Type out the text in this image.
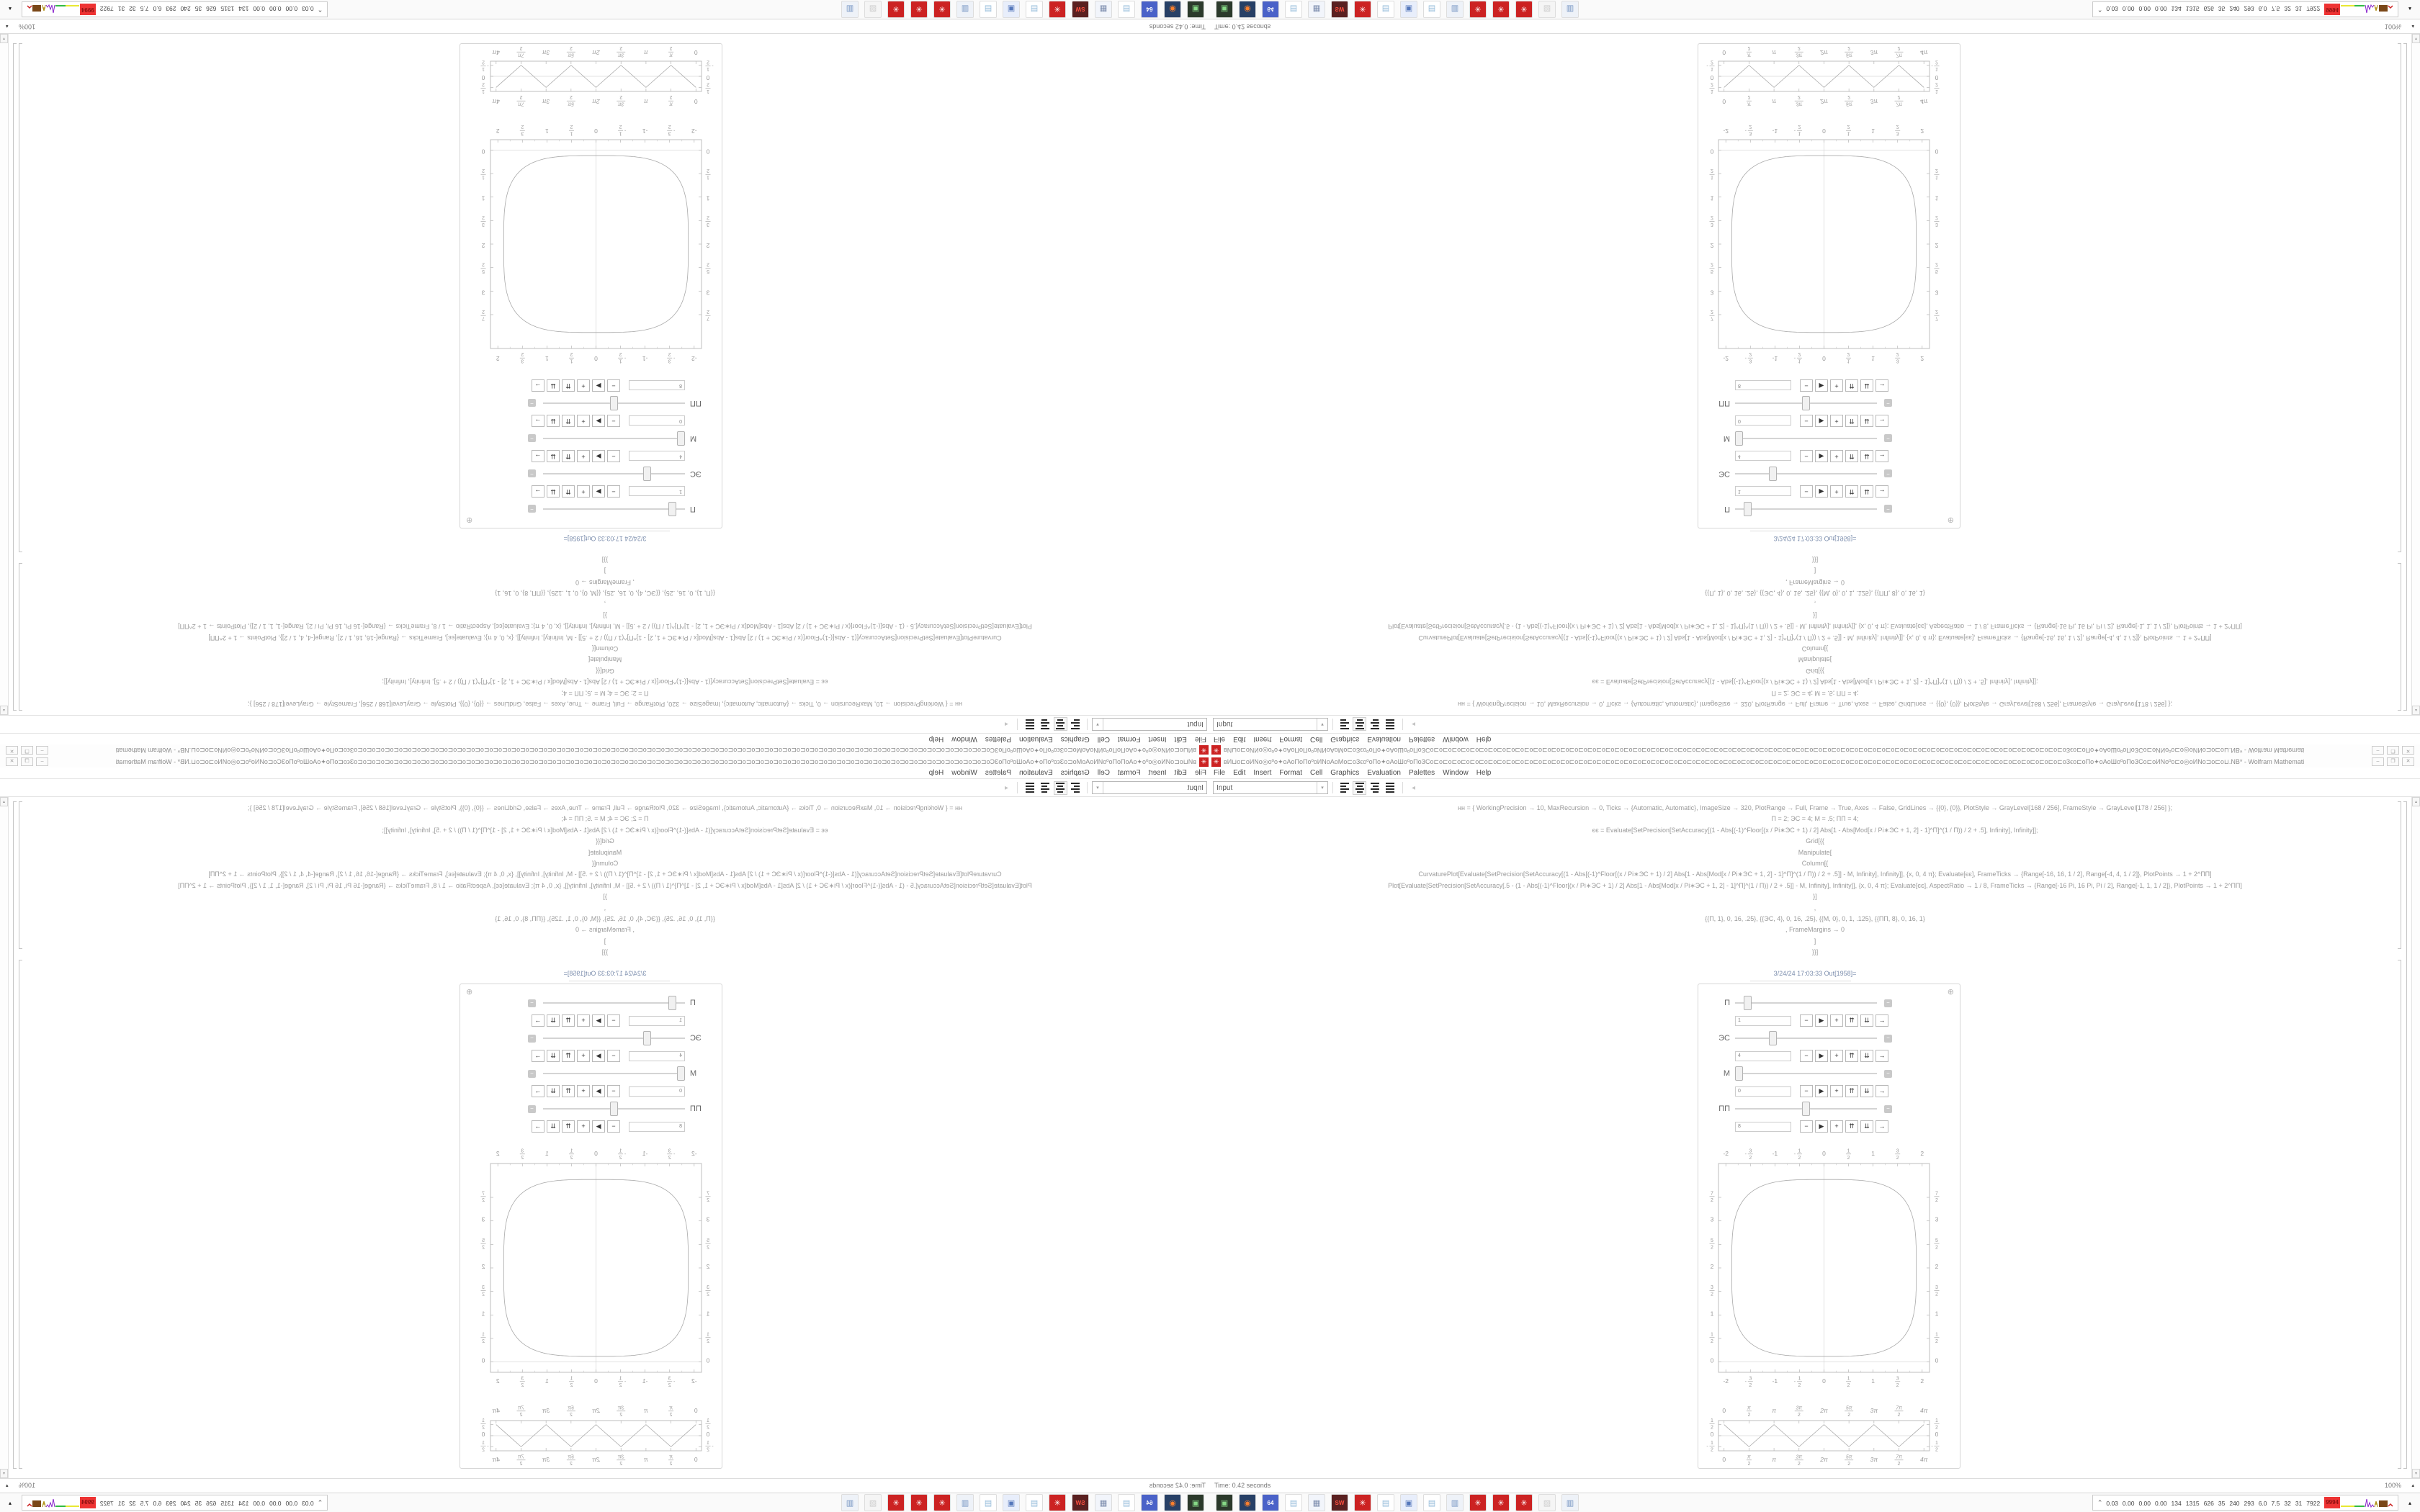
✳
вИ⊔о⊏оИNо◎оºо✦оАоПоПоºоИNоАоМо⊏оЗϵоºоПо✦оАоШоºоПоЗСо⊏о⊏о⊏о⊏о⊏о⊏о⊏о⊏о⊏о⊏о⊏о⊏о⊏о⊏о⊏о⊏о⊏о⊏о⊏о⊏о⊏о⊏о⊏о⊏о⊏о⊏о⊏о⊏о⊏о⊏о⊏о⊏о⊏о⊏о⊏о⊏о⊏о⊏о⊏о⊏о⊏о⊏о⊏о⊏о⊏о⊏о⊏о⊏о⊏о⊏о⊏о⊏о⊏о⊏о⊏о⊏о⊏о⊏о⊏о⊏о⊏о⊏о⊏о⊏о⊏о⊏о⊏о⊏о⊏о⊏оЗϵо⊏оПо✦оАоШоºоПоЗСо⊏оИNоºо⊏о◎оИNо⊐о⊏о⊔.NВ* - Wolfram Mathemati
–
❐
✕
File
Edit
Insert
Format
Cell
Graphics
Evaluation
Palettes
Window
Help
Input
▾
◂
нн = { WorkingPrecision → 10, MaxRecursion → 0, Ticks → {Automatic, Automatic}, ImageSize → 320, PlotRange → Full, Frame → True, Axes → False, GridLines → {{0}, {0}}, PlotStyle → GrayLevel[168 / 256], FrameStyle → GrayLevel[178 / 256] };
П = 2; ЭС = 4; М = .5; ПП = 4;
єє = Evaluate[SetPrecision[SetAccuracy[(1 - Abs[(-1)^Floor[(x / Pi∗ЭС + 1) / 2] Abs[1 - Abs[Mod[x / Pi∗ЭС + 1, 2] - 1]^П]^(1 / П)) / 2 + .5], Infinity], Infinity]];
Grid[{{
Manipulate[
Column[{
CurvaturePlot[Evaluate[SetPrecision[SetAccuracy[(1 - Abs[(-1)^Floor[(x / Pi∗ЭС + 1) / 2] Abs[1 - Abs[Mod[x / Pi∗ЭС + 1, 2] - 1]^П]^(1 / П)) / 2 + .5]] - М, Infinity], Infinity]], {x, 0, 4 π}; Evaluate[єє], FrameTicks → {Range[-16, 16, 1 / 2], Range[-4, 4, 1 / 2]}, PlotPoints → 1 + 2^ПП]
Plot[Evaluate[SetPrecision[SetAccuracy[.5 - (1 - Abs[(-1)^Floor[(x / Pi∗ЭС + 1) / 2] Abs[1 - Abs[Mod[x / Pi∗ЭС + 1, 2] - 1]^П]^(1 / П)) / 2 + .5]] - М, Infinity], Infinity]], {x, 0, 4 π}; Evaluate[єє], AspectRatio → 1 / 8, FrameTicks → {Range[-16 Pi, 16 Pi, Pi / 2], Range[-1, 1, 1 / 2]}, PlotPoints → 1 + 2^ПП]
}]
,
{{П, 1}, 0, 16, .25}, {{ЭС, 4}, 0, 16, .25}, {{М, 0}, 0, 1, .125}, {{ПП, 8}, 0, 16, 1}
, FrameMargins → 0
]
}}]
3/24/24 17:03:33 Out[1958]=
⊕
П
−
1
−
▶
+
⇈
⇊
→
ЭС
−
4
−
▶
+
⇈
⇊
→
М
−
0
−
▶
+
⇈
⇊
→
ПП
−
8
−
▶
+
⇈
⇊
→
-2
-2
3
2
-
3
2
-
-1
-1
1
2
-
1
2
-
0
0
1
2
1
2
1
1
3
2
3
2
2
2
0
0
1
2
1
2
1
1
3
2
3
2
2
2
5
2
5
2
3
3
7
2
7
2
0
0
π
2
π
2
π
π
3π
2
3π
2
2π
2π
5π
2
5π
2
3π
3π
7π
2
7π
2
4π
4π
1
2
1
2
0
0
1
2
-
1
2
-
▴
▾
Time: 0.42 seconds
100%
▴
▣
◉
64
▤
▦
SW
✳
▤
▣
▤
▥
✳
✳
✳
▨
▥
⌃
0.030.000.000.001341315626352402936.07.532317922
9994
▴
✳ вИ⊔о⊏оИNо◎оºо✦оАоПоПоºоИNоАоМо⊏оЗϵоºоПо✦оАоШоºоПоЗСо⊏о⊏о⊏о⊏о⊏о⊏о⊏о⊏о⊏о⊏о⊏о⊏о⊏о⊏о⊏о⊏о⊏о⊏о⊏о⊏о⊏о⊏о⊏о⊏о⊏о⊏о⊏о⊏о⊏о⊏о⊏о⊏о⊏о⊏о⊏о⊏о⊏о⊏о⊏о⊏о⊏о⊏о⊏о⊏о⊏о⊏о⊏о⊏о⊏о⊏о⊏о⊏о⊏о⊏о⊏о⊏о⊏о⊏о⊏о⊏о⊏о⊏о⊏о⊏о⊏о⊏о⊏о⊏о⊏о⊏оЗϵо⊏оПо✦оАоШоºоПоЗСо⊏оИNоºо⊏о◎оИNо⊐о⊏о⊔.NВ* - Wolfram Mathemati	–	❐	✕
File Edit Insert Format Cell Graphics Evaluation Palettes Window Help
Input	▾	◂
нн = { WorkingPrecision → 10, MaxRecursion → 0, Ticks → {Automatic, Automatic}, ImageSize → 320, PlotRange → Full, Frame → True, Axes → False, GridLines → {{0}, {0}}, PlotStyle → GrayLevel[168 / 256], FrameStyle → GrayLevel[178 / 256] };
П = 2; ЭС = 4; М = .5; ПП = 4;
єє = Evaluate[SetPrecision[SetAccuracy[(1 - Abs[(-1)^Floor[(x / Pi∗ЭС + 1) / 2] Abs[1 - Abs[Mod[x / Pi∗ЭС + 1, 2] - 1]^П]^(1 / П)) / 2 + .5], Infinity], Infinity]];
Grid[{{
Manipulate[
Column[{
CurvaturePlot[Evaluate[SetPrecision[SetAccuracy[(1 - Abs[(-1)^Floor[(x / Pi∗ЭС + 1) / 2] Abs[1 - Abs[Mod[x / Pi∗ЭС + 1, 2] - 1]^П]^(1 / П)) / 2 + .5]] - М, Infinity], Infinity]], {x, 0, 4 π}; Evaluate[єє], FrameTicks → {Range[-16, 16, 1 / 2], Range[-4, 4, 1 / 2]}, PlotPoints → 1 + 2^ПП]
Plot[Evaluate[SetPrecision[SetAccuracy[.5 - (1 - Abs[(-1)^Floor[(x / Pi∗ЭС + 1) / 2] Abs[1 - Abs[Mod[x / Pi∗ЭС + 1, 2] - 1]^П]^(1 / П)) / 2 + .5]] - М, Infinity], Infinity]], {x, 0, 4 π}; Evaluate[єє], AspectRatio → 1 / 8, FrameTicks → {Range[-16 Pi, 16 Pi, Pi / 2], Range[-1, 1, 1 / 2]}, PlotPoints → 1 + 2^ПП]
}]
,
{{П, 1}, 0, 16, .25}, {{ЭС, 4}, 0, 16, .25}, {{М, 0}, 0, 1, .125}, {{ПП, 8}, 0, 16, 1}
, FrameMargins → 0
]
}}]
3/24/24 17:03:33 Out[1958]=
⊕
П	−
1	−	▶	+	⇈	⇊	→
ЭС	−
4	−	▶	+	⇈	⇊	→
М	−
0	−	▶	+	⇈	⇊	→
ПП	−
8	−	▶	+	⇈	⇊	→
-2
-2
3
2
-
3
2
-
-1
-1
1
2
-
1
2
-
0
0
1
2
1
2
1
1
3
2
3
2
2
2
0	0
1
2
1
2
1	1
3
2
3
2
2	2
5
2
5
2
3	3
7
2
7
2
0
0
π
2
π
2
π
π
3π
2
3π
2
2π
2π
5π
2
5π
2
3π
3π
7π
2
7π
2
4π
4π
1
2
1
2
0	0
1
2
-
1
2
-
▴
▾
Time: 0.42 seconds	100% ▴
▣	◉	64	▤	▦	SW	✳	▤	▣	▤	▥	✳	✳	✳	▨	▥	⌃ 0.03 0.00 0.00 0.00 134 1315 626 35 240 293 6.0 7.5 32 31 7922	9994	▴
✳
вИ⊔о⊏оИNо◎оºо✦оАоПоПоºоИNоАоМо⊏оЗϵоºоПо✦оАоШоºоПоЗСо⊏о⊏о⊏о⊏о⊏о⊏о⊏о⊏о⊏о⊏о⊏о⊏о⊏о⊏о⊏о⊏о⊏о⊏о⊏о⊏о⊏о⊏о⊏о⊏о⊏о⊏о⊏о⊏о⊏о⊏о⊏о⊏о⊏о⊏о⊏о⊏о⊏о⊏о⊏о⊏о⊏о⊏о⊏о⊏о⊏о⊏о⊏о⊏о⊏о⊏о⊏о⊏о⊏о⊏о⊏о⊏о⊏о⊏о⊏о⊏о⊏о⊏о⊏о⊏о⊏о⊏о⊏о⊏о⊏о⊏оЗϵо⊏оПо✦оАоШоºоПоЗСо⊏оИNоºо⊏о◎оИNо⊐о⊏о⊔.NВ* - Wolfram Mathemati
–
❐
✕
File
Edit
Insert
Format
Cell
Graphics
Evaluation
Palettes
Window
Help
Input
▾
◂
нн = { WorkingPrecision → 10, MaxRecursion → 0, Ticks → {Automatic, Automatic}, ImageSize → 320, PlotRange → Full, Frame → True, Axes → False, GridLines → {{0}, {0}}, PlotStyle → GrayLevel[168 / 256], FrameStyle → GrayLevel[178 / 256] };
П = 2; ЭС = 4; М = .5; ПП = 4;
єє = Evaluate[SetPrecision[SetAccuracy[(1 - Abs[(-1)^Floor[(x / Pi∗ЭС + 1) / 2] Abs[1 - Abs[Mod[x / Pi∗ЭС + 1, 2] - 1]^П]^(1 / П)) / 2 + .5], Infinity], Infinity]];
Grid[{{
Manipulate[
Column[{
CurvaturePlot[Evaluate[SetPrecision[SetAccuracy[(1 - Abs[(-1)^Floor[(x / Pi∗ЭС + 1) / 2] Abs[1 - Abs[Mod[x / Pi∗ЭС + 1, 2] - 1]^П]^(1 / П)) / 2 + .5]] - М, Infinity], Infinity]], {x, 0, 4 π}; Evaluate[єє], FrameTicks → {Range[-16, 16, 1 / 2], Range[-4, 4, 1 / 2]}, PlotPoints → 1 + 2^ПП]
Plot[Evaluate[SetPrecision[SetAccuracy[.5 - (1 - Abs[(-1)^Floor[(x / Pi∗ЭС + 1) / 2] Abs[1 - Abs[Mod[x / Pi∗ЭС + 1, 2] - 1]^П]^(1 / П)) / 2 + .5]] - М, Infinity], Infinity]], {x, 0, 4 π}; Evaluate[єє], AspectRatio → 1 / 8, FrameTicks → {Range[-16 Pi, 16 Pi, Pi / 2], Range[-1, 1, 1 / 2]}, PlotPoints → 1 + 2^ПП]
}]
,
{{П, 1}, 0, 16, .25}, {{ЭС, 4}, 0, 16, .25}, {{М, 0}, 0, 1, .125}, {{ПП, 8}, 0, 16, 1}
, FrameMargins → 0
]
}}]
3/24/24 17:03:33 Out[1958]=
⊕
П
−
1
−
▶
+
⇈
⇊
→
ЭС
−
4
−
▶
+
⇈
⇊
→
М
−
0
−
▶
+
⇈
⇊
→
ПП
−
8
−
▶
+
⇈
⇊
→
-2
-2
3
2
-
3
2
-
-1
-1
1
2
-
1
2
-
0
0
1
2
1
2
1
1
3
2
3
2
2
2
0
0
1
2
1
2
1
1
3
2
3
2
2
2
5
2
5
2
3
3
7
2
7
2
0
0
π
2
π
2
π
π
3π
2
3π
2
2π
2π
5π
2
5π
2
3π
3π
7π
2
7π
2
4π
4π
1
2
1
2
0
0
1
2
-
1
2
-
▴
▾
Time: 0.42 seconds
100%
▴
▣
◉
64
▤
▦
SW
✳
▤
▣
▤
▥
✳
✳
✳
▨
▥
⌃
0.030.000.000.001341315626352402936.07.532317922
9994
▴
✳ вИ⊔о⊏оИNо◎оºо✦оАоПоПоºоИNоАоМо⊏оЗϵоºоПо✦оАоШоºоПоЗСо⊏о⊏о⊏о⊏о⊏о⊏о⊏о⊏о⊏о⊏о⊏о⊏о⊏о⊏о⊏о⊏о⊏о⊏о⊏о⊏о⊏о⊏о⊏о⊏о⊏о⊏о⊏о⊏о⊏о⊏о⊏о⊏о⊏о⊏о⊏о⊏о⊏о⊏о⊏о⊏о⊏о⊏о⊏о⊏о⊏о⊏о⊏о⊏о⊏о⊏о⊏о⊏о⊏о⊏о⊏о⊏о⊏о⊏о⊏о⊏о⊏о⊏о⊏о⊏о⊏о⊏о⊏о⊏о⊏о⊏оЗϵо⊏оПо✦оАоШоºоПоЗСо⊏оИNоºо⊏о◎оИNо⊐о⊏о⊔.NВ* - Wolfram Mathemati	–	❐	✕
File Edit Insert Format Cell Graphics Evaluation Palettes Window Help
Input	▾	◂
нн = { WorkingPrecision → 10, MaxRecursion → 0, Ticks → {Automatic, Automatic}, ImageSize → 320, PlotRange → Full, Frame → True, Axes → False, GridLines → {{0}, {0}}, PlotStyle → GrayLevel[168 / 256], FrameStyle → GrayLevel[178 / 256] };
П = 2; ЭС = 4; М = .5; ПП = 4;
єє = Evaluate[SetPrecision[SetAccuracy[(1 - Abs[(-1)^Floor[(x / Pi∗ЭС + 1) / 2] Abs[1 - Abs[Mod[x / Pi∗ЭС + 1, 2] - 1]^П]^(1 / П)) / 2 + .5], Infinity], Infinity]];
Grid[{{
Manipulate[
Column[{
CurvaturePlot[Evaluate[SetPrecision[SetAccuracy[(1 - Abs[(-1)^Floor[(x / Pi∗ЭС + 1) / 2] Abs[1 - Abs[Mod[x / Pi∗ЭС + 1, 2] - 1]^П]^(1 / П)) / 2 + .5]] - М, Infinity], Infinity]], {x, 0, 4 π}; Evaluate[єє], FrameTicks → {Range[-16, 16, 1 / 2], Range[-4, 4, 1 / 2]}, PlotPoints → 1 + 2^ПП]
Plot[Evaluate[SetPrecision[SetAccuracy[.5 - (1 - Abs[(-1)^Floor[(x / Pi∗ЭС + 1) / 2] Abs[1 - Abs[Mod[x / Pi∗ЭС + 1, 2] - 1]^П]^(1 / П)) / 2 + .5]] - М, Infinity], Infinity]], {x, 0, 4 π}; Evaluate[єє], AspectRatio → 1 / 8, FrameTicks → {Range[-16 Pi, 16 Pi, Pi / 2], Range[-1, 1, 1 / 2]}, PlotPoints → 1 + 2^ПП]
}]
,
{{П, 1}, 0, 16, .25}, {{ЭС, 4}, 0, 16, .25}, {{М, 0}, 0, 1, .125}, {{ПП, 8}, 0, 16, 1}
, FrameMargins → 0
]
}}]
3/24/24 17:03:33 Out[1958]=
⊕
П	−
1	−	▶	+	⇈	⇊	→
ЭС	−
4	−	▶	+	⇈	⇊	→
М	−
0	−	▶	+	⇈	⇊	→
ПП	−
8	−	▶	+	⇈	⇊	→
-2
-2
3
2
-
3
2
-
-1
-1
1
2
-
1
2
-
0
0
1
2
1
2
1
1
3
2
3
2
2
2
0	0
1
2
1
2
1	1
3
2
3
2
2	2
5
2
5
2
3	3
7
2
7
2
0
0
π
2
π
2
π
π
3π
2
3π
2
2π
2π
5π
2
5π
2
3π
3π
7π
2
7π
2
4π
4π
1
2
1
2
0	0
1
2
-
1
2
-
▴
▾
Time: 0.42 seconds	100% ▴
▣	◉	64	▤	▦	SW	✳	▤	▣	▤	▥	✳	✳	✳	▨	▥	⌃ 0.03 0.00 0.00 0.00 134 1315 626 35 240 293 6.0 7.5 32 31 7922	9994	▴
